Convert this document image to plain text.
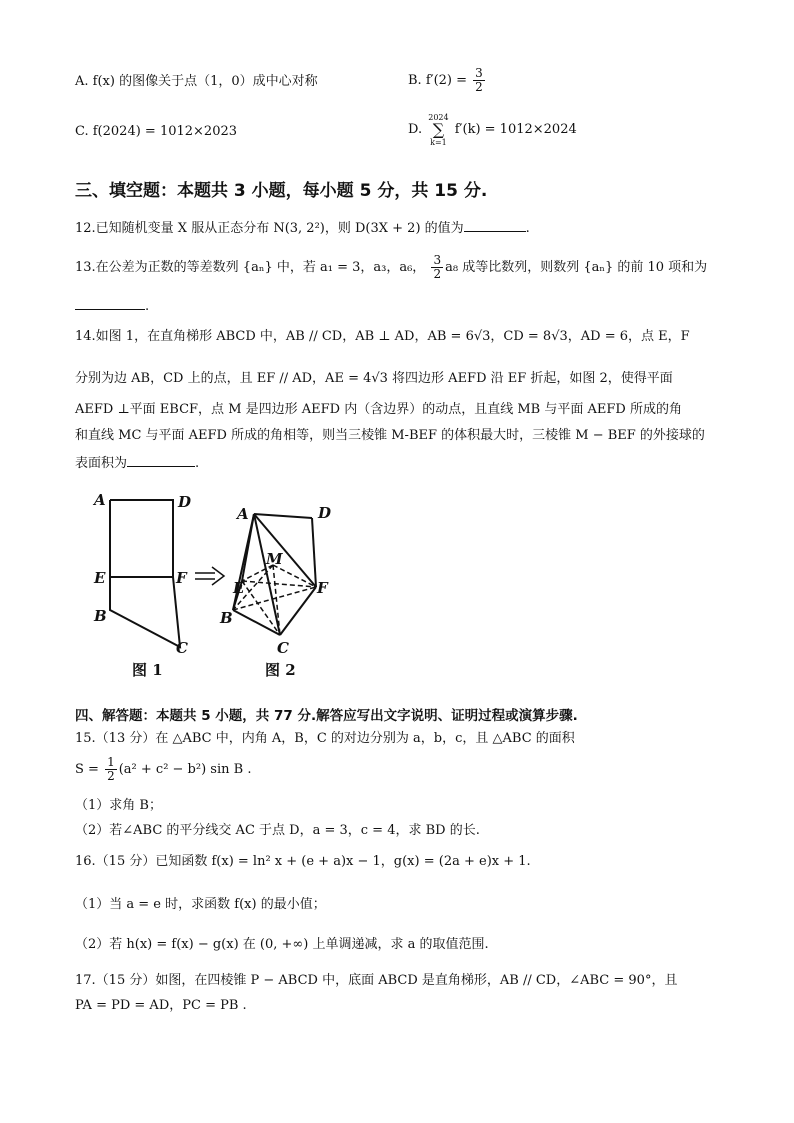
A. f(x) 的图像关于点（1，0）成中心对称	B. $f'(2) = \frac{3}{2}$
C. f(2024) = 1012×2023	D.
2024
∑
k=1
f′(k) = 1012×2024
三、填空题：本题共 3 小题，每小题 5 分，共 15 分.
12.已知随机变量 X 服从正态分布 N(3, 2²)，则 D(3X + 2) 的值为	.
13.在公差为正数的等差数列 {aₙ} 中，若 a₁ = 3，a₃，a₆， $\frac{3}{2} a_8$ 成等比数列，则数列 {aₙ} 的前 10 项和为
.
14.如图 1，在直角梯形 ABCD 中，AB // CD，AB ⊥ AD，AB = 6√3，CD = 8√3，AD = 6，点 E，F
分别为边 AB，CD 上的点，且 EF // AD，AE = 4√3 将四边形 AEFD 沿 EF 折起，如图 2，使得平面
AEFD ⊥平面 EBCF，点 M 是四边形 AEFD 内（含边界）的动点，且直线 MB 与平面 AEFD 所成的角
和直线 MC 与平面 AEFD 所成的角相等，则当三棱锥 M-BEF 的体积最大时，三棱锥 M − BEF 的外接球的
表面积为	.
A	D
E	F
B
C
A	D
M
E	F
B
C
图 1	图 2
四、解答题：本题共 5 小题，共 77 分.解答应写出文字说明、证明过程或演算步骤.
15.（13 分）在 △ABC 中，内角 A，B，C 的对边分别为 a，b，c，且 △ABC 的面积
$S = \frac{1}{2} (a^2 + c^2 - b^2)$ sin B .
（1）求角 B；
（2）若∠ABC 的平分线交 AC 于点 D，a = 3，c = 4，求 BD 的长.
16.（15 分）已知函数 f(x) = ln² x + (e + a)x − 1，g(x) = (2a + e)x + 1.
（1）当 a = e 时，求函数 f(x) 的最小值；
（2）若 h(x) = f(x) − g(x) 在 (0, +∞) 上单调递减，求 a 的取值范围.
17.（15 分）如图，在四棱锥 P − ABCD 中，底面 ABCD 是直角梯形，AB // CD，∠ABC = 90°，且
PA = PD = AD，PC = PB .
